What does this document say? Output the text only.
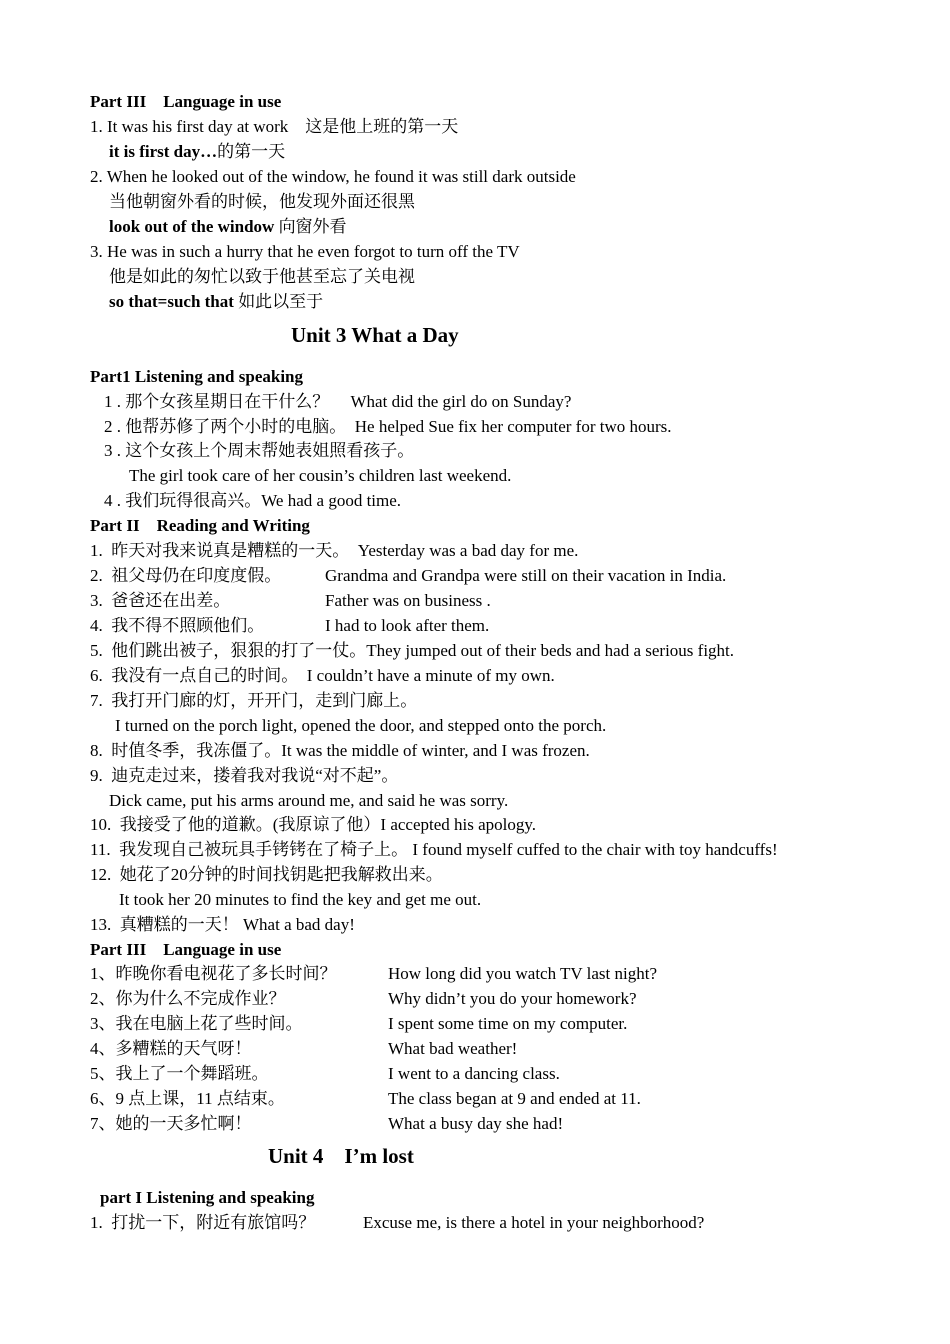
Part III    Language in use
1. It was his first day at work    这是他上班的第一天
it is first day…的第一天
2. When he looked out of the window, he found it was still dark outside
当他朝窗外看的时候，他发现外面还很黑
look out of the window 向窗外看
3. He was in such a hurry that he even forgot to turn off the TV
他是如此的匆忙以致于他甚至忘了关电视
so that=such that 如此以至于
Unit 3 What a Day
Part1 Listening and speaking
1 . 那个女孩星期日在干什么？     What did the girl do on Sunday?
2 . 他帮苏修了两个小时的电脑。  He helped Sue fix her computer for two hours.
3 . 这个女孩上个周末帮她表姐照看孩子。
The girl took care of her cousin’s children last weekend.
4 . 我们玩得很高兴。We had a good time.
Part II    Reading and Writing
1.  昨天对我来说真是糟糕的一天。  Yesterday was a bad day for me.
2.  祖父母仍在印度度假。	Grandma and Grandpa were still on their vacation in India.
3.  爸爸还在出差。	Father was on business .
4.  我不得不照顾他们。	I had to look after them.
5.  他们跳出被子，狠狠的打了一仗。They jumped out of their beds and had a serious fight.
6.  我没有一点自己的时间。  I couldn’t have a minute of my own.
7.  我打开门廊的灯，开开门，走到门廊上。
I turned on the porch light, opened the door, and stepped onto the porch.
8.  时值冬季，我冻僵了。It was the middle of winter, and I was frozen.
9.  迪克走过来，搂着我对我说“对不起”。
Dick came, put his arms around me, and said he was sorry.
10.  我接受了他的道歉。(我原谅了他）I accepted his apology.
11.  我发现自己被玩具手铐铐在了椅子上。 I found myself cuffed to the chair with toy handcuffs!
12.  她花了20分钟的时间找钥匙把我解救出来。
It took her 20 minutes to find the key and get me out.
13.  真糟糕的一天！ What a bad day!
Part III    Language in use
1、昨晚你看电视花了多长时间？	How long did you watch TV last night?
2、你为什么不完成作业？	Why didn’t you do your homework?
3、我在电脑上花了些时间。	I spent some time on my computer.
4、多糟糕的天气呀！	What bad weather!
5、我上了一个舞蹈班。	I went to a dancing class.
6、9 点上课，11 点结束。	The class began at 9 and ended at 11.
7、她的一天多忙啊！	What a busy day she had!
Unit 4    I’m lost
part I Listening and speaking
1.  打扰一下，附近有旅馆吗？	Excuse me, is there a hotel in your neighborhood?
